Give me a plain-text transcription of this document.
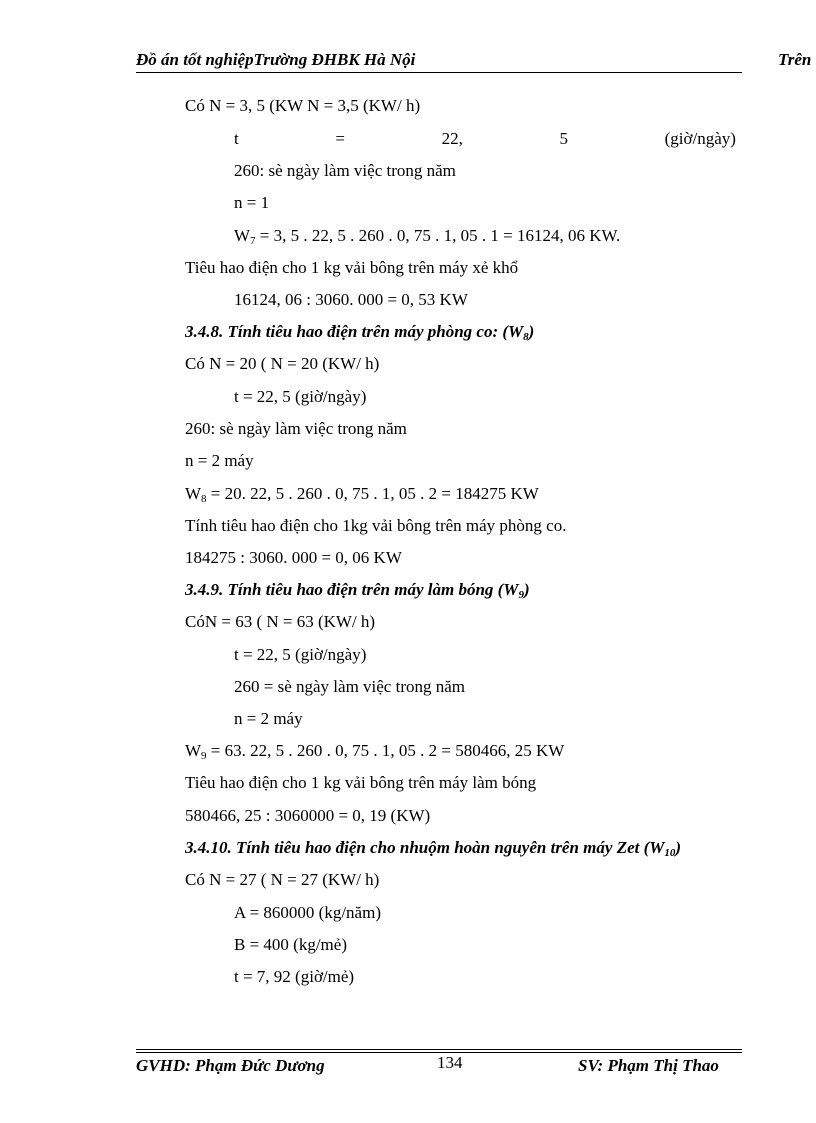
Đồ án tốt nghiệpTrường ĐHBK Hà Nội	Trên
Có N = 3, 5 (KW N = 3,5 (KW/ h)
t	=	22,	5	(giờ/ngày)
260: sè ngày làm việc trong năm
n = 1
$W_7 = 3$, 5 . 22, 5 . 260 . 0, 75 . 1, 05 . 1 = 16124, 06 KW.
Tiêu hao điện cho 1 kg vải bông trên máy xẻ khổ
16124, 06 : 3060. 000 = 0, 53 KW
3.4.8. Tính tiêu hao điện trên máy phòng co: $(W_8)$
Có N = 20 ( N = 20 (KW/ h)
t = 22, 5 (giờ/ngày)
260: sè ngày làm việc trong năm
n = 2 máy
$W_8 = 20$. 22, 5 . 260 . 0, 75 . 1, 05 . 2 = 184275 KW
Tính tiêu hao điện cho 1kg vải bông trên máy phòng co.
184275 : 3060. 000 = 0, 06 KW
3.4.9. Tính tiêu hao điện trên máy làm bóng $(W_9)$
CóN = 63 ( N = 63 (KW/ h)
t = 22, 5 (giờ/ngày)
260 = sè ngày làm việc trong năm
n = 2 máy
$W_9 = 63$. 22, 5 . 260 . 0, 75 . 1, 05 . 2 = 580466, 25 KW
Tiêu hao điện cho 1 kg vải bông trên máy làm bóng
580466, 25 : 3060000 = 0, 19 (KW)
3.4.10. Tính tiêu hao điện cho nhuộm hoàn nguyên trên máy Zet $(W_{10})$
Có N = 27 ( N = 27 (KW/ h)
A = 860000 (kg/năm)
B = 400 (kg/mẻ)
t = 7, 92 (giờ/mẻ)
GVHD: Phạm Đức Dương	134	SV: Phạm Thị Thao
